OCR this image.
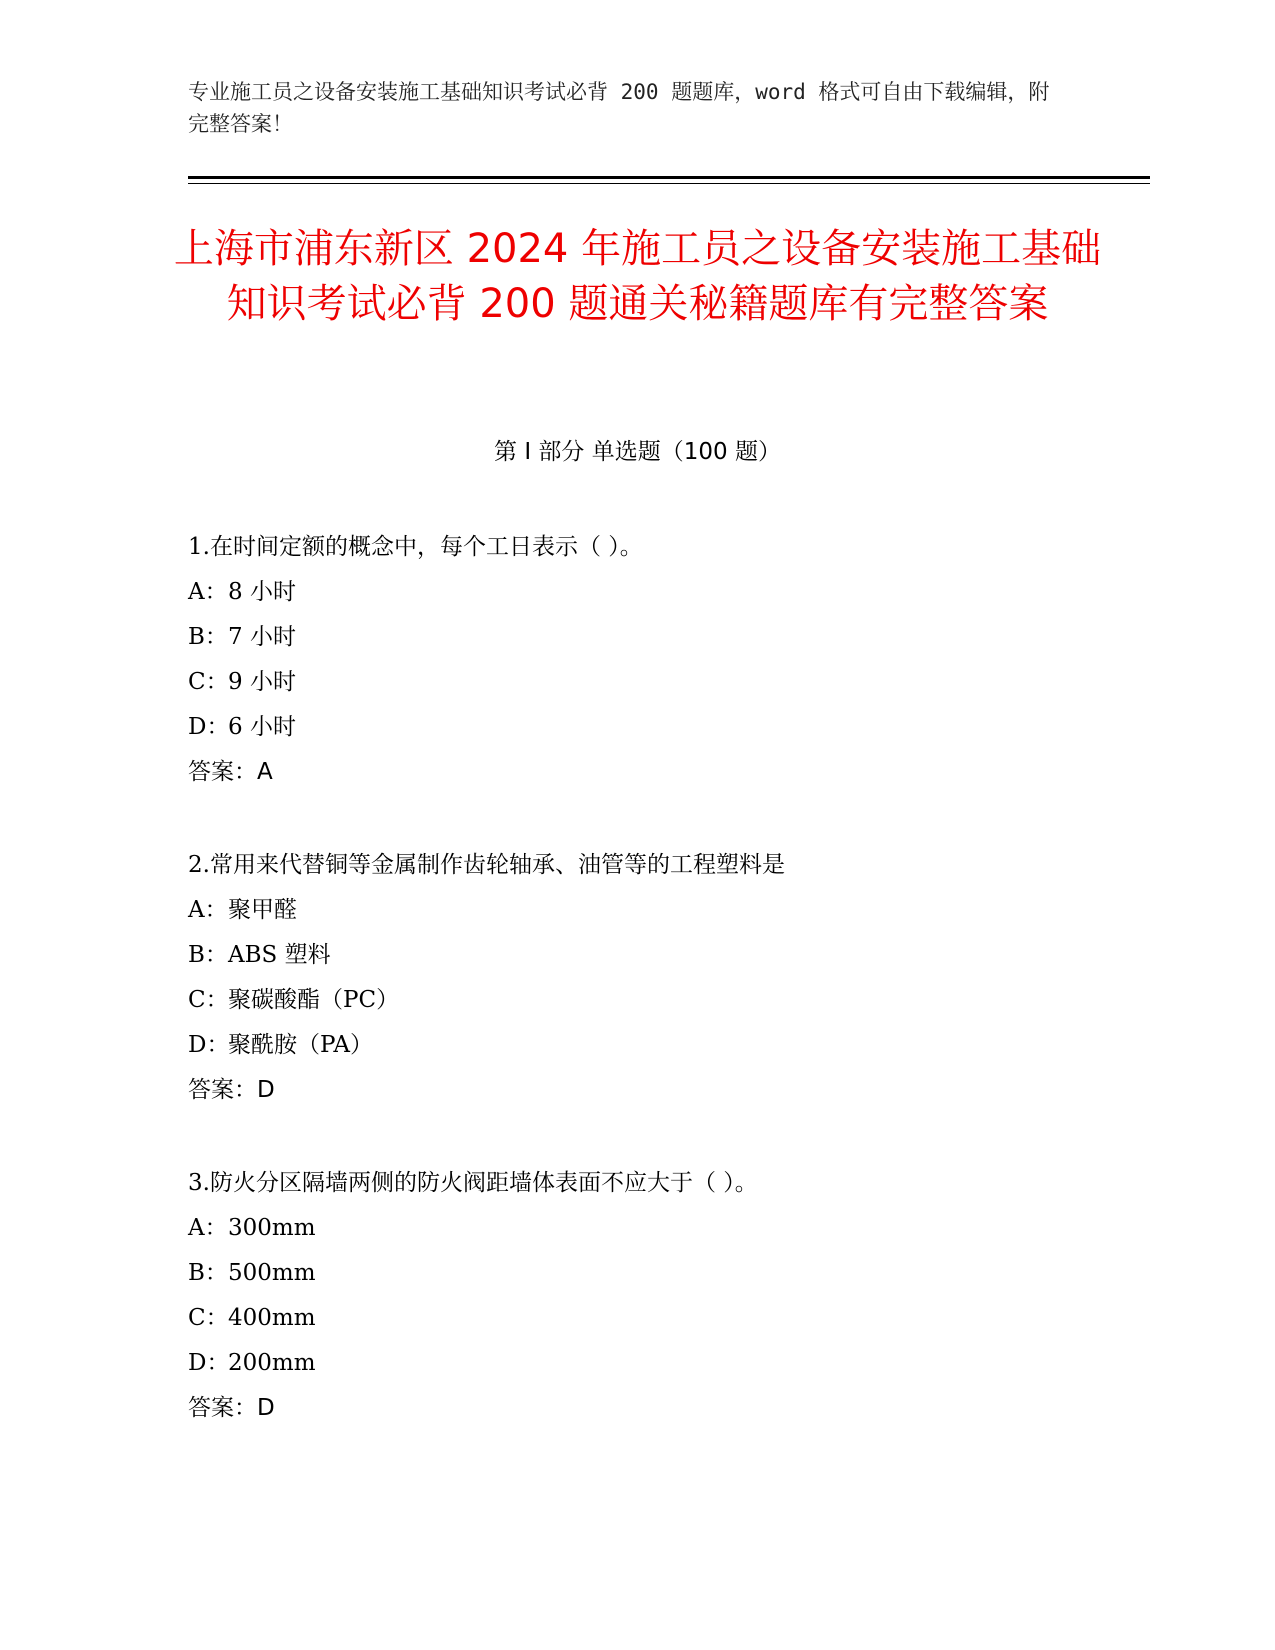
专业施工员之设备安装施工基础知识考试必背 200 题题库，word 格式可自由下载编辑，附完整答案！
上海市浦东新区 2024 年施工员之设备安装施工基础知识考试必背 200 题通关秘籍题库有完整答案
第 I 部分 单选题（100 题）
1.在时间定额的概念中，每个工日表示（ ）。
A：8 小时
B：7 小时
C：9 小时
D：6 小时
答案：A
2.常用来代替铜等金属制作齿轮轴承、油管等的工程塑料是
A：聚甲醛
B：ABS 塑料
C：聚碳酸酯（PC）
D：聚酰胺（PA）
答案：D
3.防火分区隔墙两侧的防火阀距墙体表面不应大于（ ）。
A：300mm
B：500mm
C：400mm
D：200mm
答案：D
